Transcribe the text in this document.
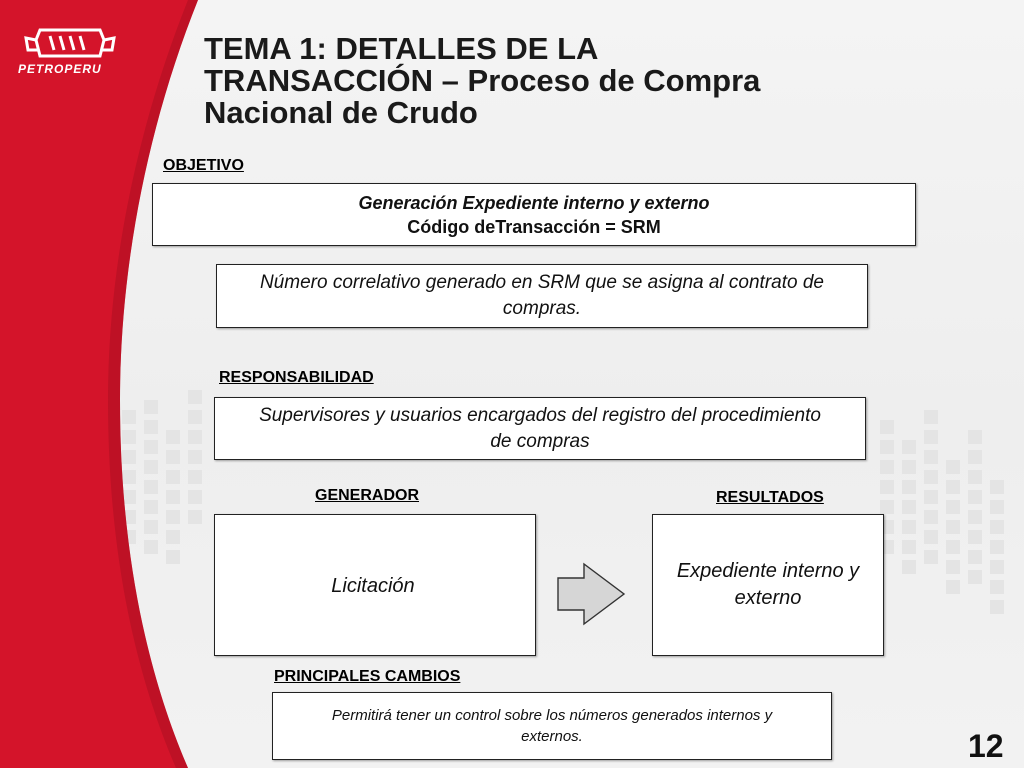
PETROPERU
TEMA 1: DETALLES DE LA
TRANSACCIÓN – Proceso de Compra
Nacional de Crudo
OBJETIVO
Generación Expediente interno y externo
Código deTransacción = SRM
Número correlativo generado en SRM que se asigna al contrato de compras.
RESPONSABILIDAD
Supervisores y usuarios encargados del registro del procedimiento de compras
GENERADOR
Licitación
RESULTADOS
Expediente interno y externo
PRINCIPALES CAMBIOS
Permitirá tener un control sobre los números generados internos y externos.	12
